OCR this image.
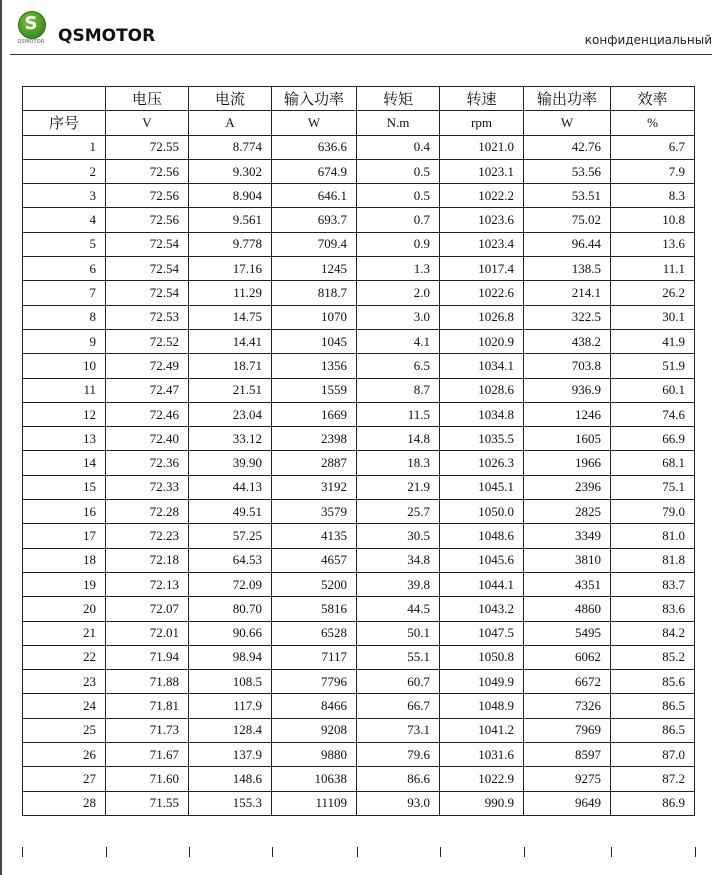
S
QSMOTOR QSMOTOR	конфиденциальный
	电压	电流	输入功率	转矩	转速	输出功率	效率
序号	V	A	W	N.m	rpm	W	%
1	72.55	8.774	636.6	0.4	1021.0	42.76	6.7
2	72.56	9.302	674.9	0.5	1023.1	53.56	7.9
3	72.56	8.904	646.1	0.5	1022.2	53.51	8.3
4	72.56	9.561	693.7	0.7	1023.6	75.02	10.8
5	72.54	9.778	709.4	0.9	1023.4	96.44	13.6
6	72.54	17.16	1245	1.3	1017.4	138.5	11.1
7	72.54	11.29	818.7	2.0	1022.6	214.1	26.2
8	72.53	14.75	1070	3.0	1026.8	322.5	30.1
9	72.52	14.41	1045	4.1	1020.9	438.2	41.9
10	72.49	18.71	1356	6.5	1034.1	703.8	51.9
11	72.47	21.51	1559	8.7	1028.6	936.9	60.1
12	72.46	23.04	1669	11.5	1034.8	1246	74.6
13	72.40	33.12	2398	14.8	1035.5	1605	66.9
14	72.36	39.90	2887	18.3	1026.3	1966	68.1
15	72.33	44.13	3192	21.9	1045.1	2396	75.1
16	72.28	49.51	3579	25.7	1050.0	2825	79.0
17	72.23	57.25	4135	30.5	1048.6	3349	81.0
18	72.18	64.53	4657	34.8	1045.6	3810	81.8
19	72.13	72.09	5200	39.8	1044.1	4351	83.7
20	72.07	80.70	5816	44.5	1043.2	4860	83.6
21	72.01	90.66	6528	50.1	1047.5	5495	84.2
22	71.94	98.94	7117	55.1	1050.8	6062	85.2
23	71.88	108.5	7796	60.7	1049.9	6672	85.6
24	71.81	117.9	8466	66.7	1048.9	7326	86.5
25	71.73	128.4	9208	73.1	1041.2	7969	86.5
26	71.67	137.9	9880	79.6	1031.6	8597	87.0
27	71.60	148.6	10638	86.6	1022.9	9275	87.2
28	71.55	155.3	11109	93.0	990.9	9649	86.9
